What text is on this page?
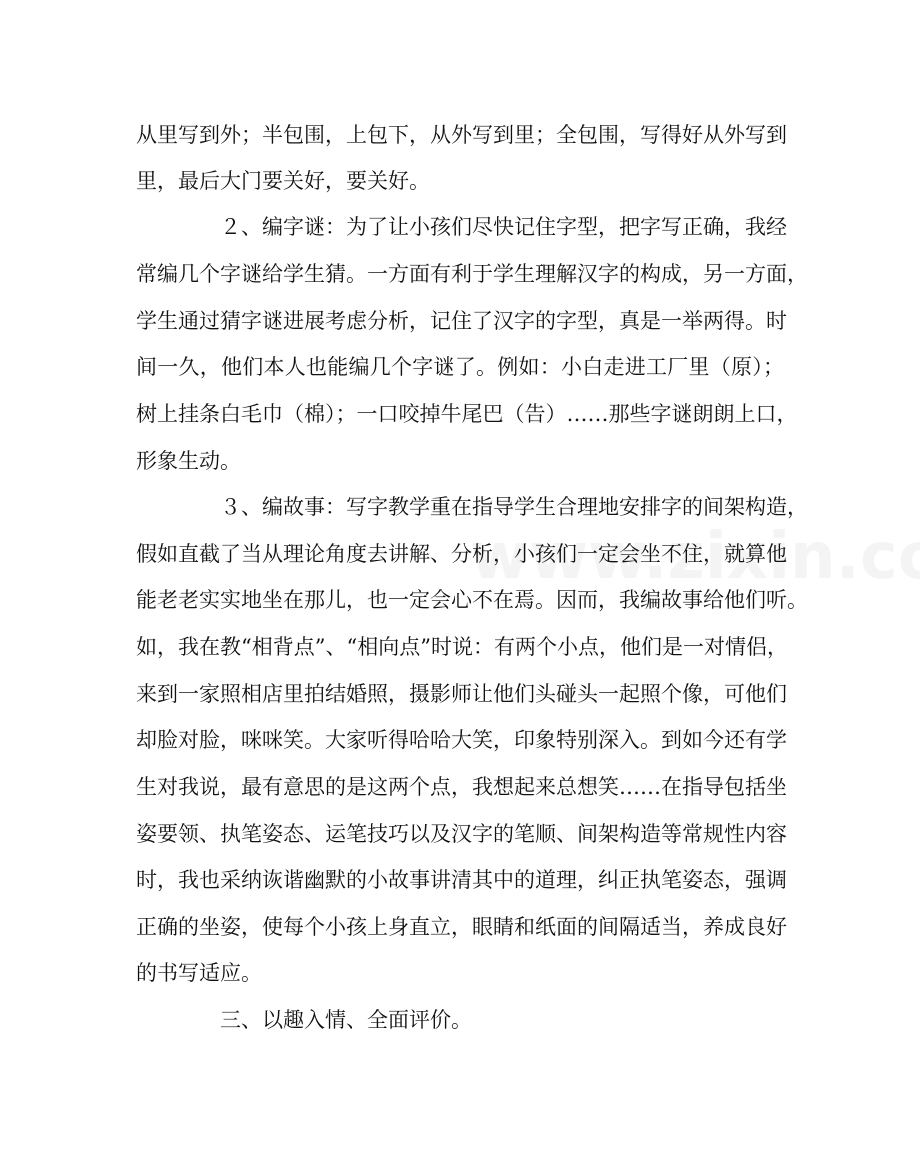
从里写到外；半包围，上包下，从外写到里；全包围，写得好从外写到
里，最后大门要关好，要关好。
２、编字谜：为了让小孩们尽快记住字型，把字写正确，我经
常编几个字谜给学生猜。一方面有利于学生理解汉字的构成，另一方面，
学生通过猜字谜进展考虑分析，记住了汉字的字型，真是一举两得。时
间一久，他们本人也能编几个字谜了。例如：小白走进工厂里（原）；
树上挂条白毛巾（棉）；一口咬掉牛尾巴（告）……那些字谜朗朗上口，
形象生动。
３、编故事：写字教学重在指导学生合理地安排字的间架构造，
假如直截了当从理论角度去讲解、分析，小孩们一定会坐不住，就算他
能老老实实地坐在那儿，也一定会心不在焉。因而，我编故事给他们听。
如，我在教“相背点”、“相向点”时说：有两个小点，他们是一对情侣，
来到一家照相店里拍结婚照，摄影师让他们头碰头一起照个像，可他们
却脸对脸，咪咪笑。大家听得哈哈大笑，印象特别深入。到如今还有学
生对我说，最有意思的是这两个点，我想起来总想笑……在指导包括坐
姿要领、执笔姿态、运笔技巧以及汉字的笔顺、间架构造等常规性内容
时，我也采纳诙谐幽默的小故事讲清其中的道理，纠正执笔姿态，强调
正确的坐姿，使每个小孩上身直立，眼睛和纸面的间隔适当，养成良好
的书写适应。
三、以趣入情、全面评价。
